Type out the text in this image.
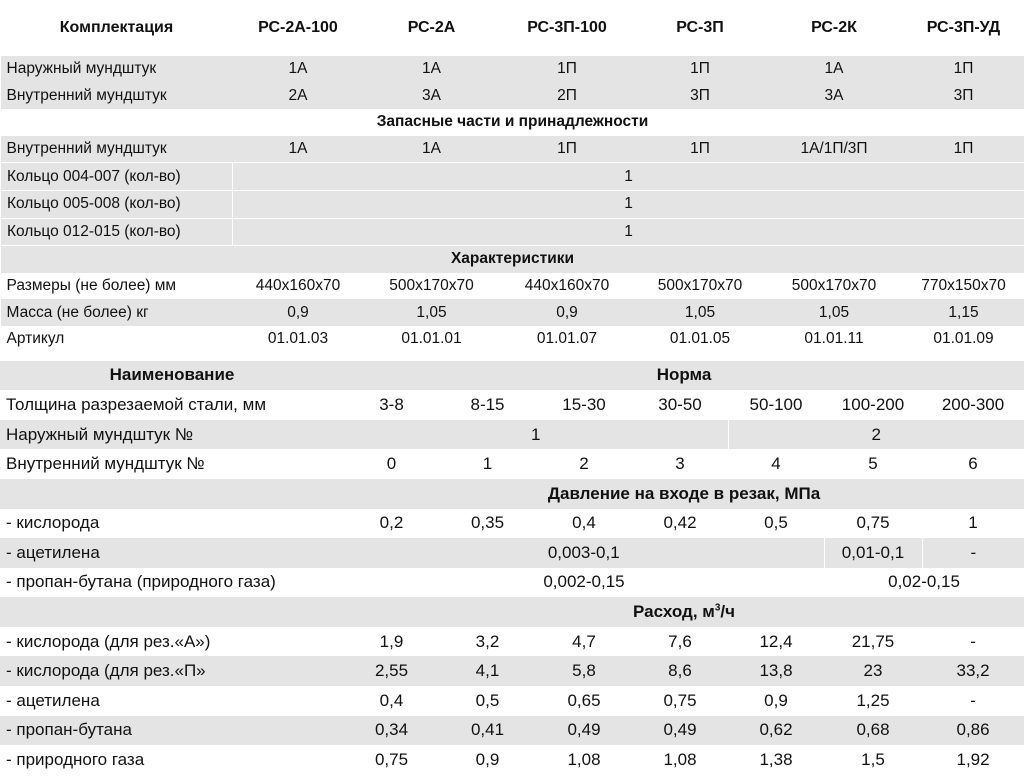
Комплектация	РС-2А-100	РС-2А	РС-3П-100	РС-3П	РС-2К	РС-3П-УД
Наружный мундштук	1А	1А	1П	1П	1А	1П
Внутренний мундштук	2А	3А	2П	3П	3А	3П
Запасные части и принадлежности						
Внутренний мундштук	1А	1А	1П	1П	1А/1П/3П	1П
Кольцо 004-007 (кол-во)	1					
Кольцо 005-008 (кол-во)	1					
Кольцо 012-015 (кол-во)	1					
Характеристики						
Размеры (не более) мм	440х160х70	500х170х70	440х160х70	500х170х70	500х170х70	770х150х70
Масса (не более) кг	0,9	1,05	0,9	1,05	1,05	1,15
Артикул	01.01.03	01.01.01	01.01.07	01.01.05	01.01.11	01.01.09
Наименование	Норма						
Толщина разрезаемой стали, мм	3-8	8-15	15-30	30-50	50-100	100-200	200-300
Наружный мундштук №	1				2		
Внутренний мундштук №	0	1	2	3	4	5	6
	Давление на входе в резак, МПа						
- кислорода	0,2	0,35	0,4	0,42	0,5	0,75	1
- ацетилена	0,003-0,1					0,01-0,1	-
- пропан-бутана (природного газа)	0,002-0,15					0,02-0,15	
	Расход, $м^3/ч$						
- кислорода (для рез.«А»)	1,9	3,2	4,7	7,6	12,4	21,75	-
- кислорода (для рез.«П»	2,55	4,1	5,8	8,6	13,8	23	33,2
- ацетилена	0,4	0,5	0,65	0,75	0,9	1,25	-
- пропан-бутана	0,34	0,41	0,49	0,49	0,62	0,68	0,86
- природного газа	0,75	0,9	1,08	1,08	1,38	1,5	1,92
